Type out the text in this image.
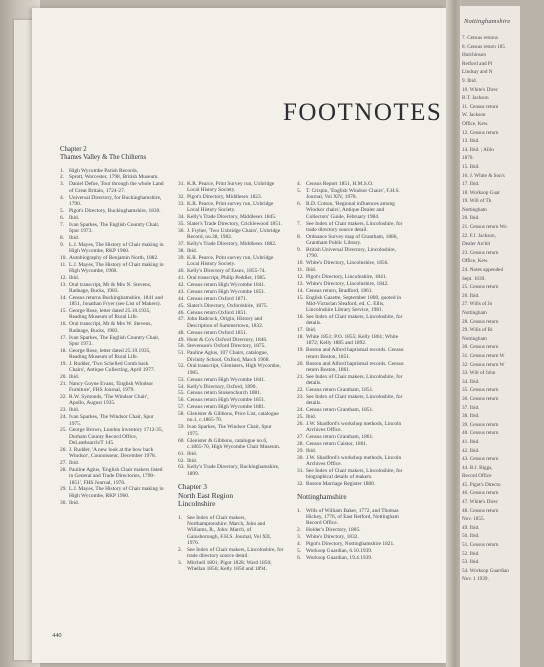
FOOTNOTES

Chapter 2

Thames Valley & The Chilterns

1. High Wycombe Parish Records.
2. Sprott, Worcester, 1798, British Museum.
3. Daniel Defoe, Tour through the whole Land of Great Britain, 1724-27.
4. Universal Directory, for Buckinghamshire, 1790.
5. Pigot's Directory, Buckinghamshire, 1830.
6. Ibid.
7. Ivan Sparkes, The English Country Chair, Spur 1973.
8. Ibid.
9. L.J. Mayes, The History of Chair making in High Wycombe, RKP 1960.
10. Autobiography of Benjamin North, 1882.
11. L.J. Mayes, The History of Chair making in High Wycombe, 1960.
12. Ibid.
13. Oral transcript, Mr & Mrs N. Stevens, Radnage, Bucks, 1983.
14. Census returns Buckinghamshire, 1841 and 1851, Jonathan Fryer (see List of Makers).
15. George Rose, letter dated 25.10.1935, Reading Museum of Rural Life.
16. Oral transcript, Mr & Mrs W. Stevens, Radnage, Bucks, 1983.
17. Ivan Sparkes, The English Country Chair, Spur 1973.
18. George Rose, letter dated 25.10.1935, Reading Museum of Rural Life.
19. J. Rudder, 'Two Schelled Comb back Chairs', Antique Collecting, April 1977.
20. Ibid.
21. Nancy Goyne Evans, 'English Windsor Furniture', FHS Journal, 1979.
22. R.W. Symonds, 'The Windsor Chair', Apollo, August 1935.
23. Ibid.
24. Ivan Sparkes, The Windsor Chair, Spur 1975.
25. George Brown, London inventory 1712-35, Durham County Record Office, DeLeathsarch/T 145.
26. J. Rudder, 'A new look at the bow back Windsor', Connoisseur, December 1978.
27. Ibid.
28. Pauline Agius, 'English Chair makers listed in General and Trade Directories, 1790-1851', FHS Journal, 1976.
29. L.J. Mayes, The History of Chair making in High Wycombe, RKP 1960.
30. Ibid.
31. K.R. Pearce, Print Survey run, Uxbridge Local History Society.
32. Pigot's Directory, Middlesex 1823.
33. K.R. Pearce, Print survey run, Uxbridge Local History Society.
34. Kelly's Trade Directory, Middlesex 1845.
35. Slater's Trade Directory, Cricklewood 1851.
36. J. Fryher, 'Two Uxbridge Chairs', Uxbridge Record, no.38, 1982.
37. Kelly's Trade Directory, Middlesex 1882.
38. Ibid.
39. K.R. Pearce, Print survey run, Uxbridge Local History Society.
40. Kelly's Directory of Essex, 1855-74.
41. Oral transcript, Philip Peddler, 1985.
42. Census return High Wycombe 1841.
43. Census return High Wycombe 1851.
44. Census return Oxford 1871.
45. Slater's Directory, Oxfordshire, 1875.
46. Census return Oxford 1851.
47. John Badcock, Origin, History and Description of Summertown, 1832.
48. Census return Oxford 1851.
49. Hunt & Co's Oxford Directory, 1846.
50. Stevenson's Oxford Directory, 1875.
51. Pauline Agius, 107 Chairs, catalogue, Divinity School, Oxford, March 1968.
52. Oral transcript, Glenisters, High Wycombe, 1985.
53. Census return High Wycombe 1841.
54. Kelly's Directory, Oxford, 1890.
55. Census return Stokenchurch 1881.
56. Census return High Wycombe 1851.
57. Census return High Wycombe 1881.
58. Glenister & Gibbons, Price List, catalogue no.1, c.1865-70.
59. Ivan Sparkes, The Windsor Chair, Spur 1975.
60. Glenister & Gibbons, catalogue no.6, c.1865-70, High Wycombe Chair Museum.
61. Ibid.
62. Ibid.
63. Kelly's Trade Directory, Buckinghamshire, 1899.

Chapter 3

North East Region

Lincolnshire

1. See Index of Chair makers, Northamptonshire: March, John and Williams, R., John: March, of Gainsborough, F.H.S. Journal, Vol XII, 1976.
2. See Index of Chair makers, Lincolnshire, for trade directory source detail.
3. Mitchell 1801; Pigot 1828; Ward 1850; Whellan 1856; Kelly 1850 and 1894.
4. Census Report 1851, H.M.S.O.
5. T. Crispin, 'English Windsor Chairs', F.H.S. Journal, Vol XIV, 1978.
6. B.D. Cotton, 'Regional influences among Windsor chairs', Antique Dealer and Collectors' Guide, February 1984.
7. See Index of Chair makers, Lincolnshire, for trade directory source detail.
8. Ordnance Survey map of Grantham, 1886, Grantham Public Library.
9. British Universal Directory, Lincolnshire, 1790.
10. White's Directory, Lincolnshire, 1856.
11. Ibid.
12. Pigot's Directory, Lincolnshire, 1841.
13. White's Directory, Lincolnshire, 1842.
14. Census return, Bradford, 1861.
15. English Gazette, September 1800, quoted in Mid-Victorian Sleaford, ed. C. Ellis, Lincolnshire Library Service, 1981.
16. See Index of Chair makers, Lincolnshire, for details.
17. Ibid.
18. White 1851; P.O. 1855; Kelly 1861; White 1872; Kelly 1885 and 1892.
19. Boston and Alford baptismal records. Census return Boston, 1851.
20. Boston and Alford baptismal records. Census return Boston, 1861.
21. See Index of Chair makers, Lincolnshire, for details.
22. Census return Grantham, 1851.
23. See Index of Chair makers, Lincolnshire, for details.
24. Census return Grantham, 1851.
25. Ibid.
26. J.W. Shadford's workshop methods, Lincoln Archives Office.
27. Census return Grantham, 1861.
28. Census return Caistor, 1861.
29. Ibid.
30. J.W. Shadford's workshop methods, Lincoln Archives Office.
31. See Index of Chair makers, Lincolnshire, for biographical details of makers.
32. Boston Marriage Register 1880.

Nottinghamshire

1. Wills of William Baker, 1772, and Thomas Hickey, 1776, of East Retford, Nottingham Record Office.
2. Holder's Directory, 1805.
3. White's Directory, 1832.
4. Pigot's Directory, Nottinghamshire 1821.
5. Worksop Guardian, 6.10.1939.
6. Worksop Guardian, 19.4.1939.
440
Nottinghamshire
7. Census returns
8. Census return 185
Hutchinson
Retford and Pl
Lindsay and N
9. Ibid.
10. White's Direc
B.T. Jackson
11. Census return
W. Jackson
Office, Kew.
12. Census return
13. Ibid.
14. Ibid. ; Allin
1870.
15. Ibid.
16. J. White & Son's
17. Ibid.
18. Worksop Guar
19. Will of Th
Nottingham
20. Ibid.
21. Census return Wo
22. F.J. Jackson,
Dealer Archit
23. Census return
Office, Kew.
24. Notes appended
Sept. 1839.
25. Census return
26. Ibid.
27. Wills of Jo
Nottingham
28. Census return
29. Wills of Ri
Nottingham
30. Census return
31. Census return W
32. Census return W
33. Will of John
34. Ibid.
35. Census return
36. Census return
37. Ibid.
38. Ibid.
39. Census return
40. Census return
41. Ibid.
42. Ibid.
43. Census return
44. B.J. Biggs,
Record Office
45. Pigot's Directo
46. Census return
47. White's Direc
48. Census return
Nov. 1855.
49. Ibid.
50. Ibid.
51. Census return
52. Ibid.
53. Ibid.
54. Worksop Guardian
Nov. 1 1939.
